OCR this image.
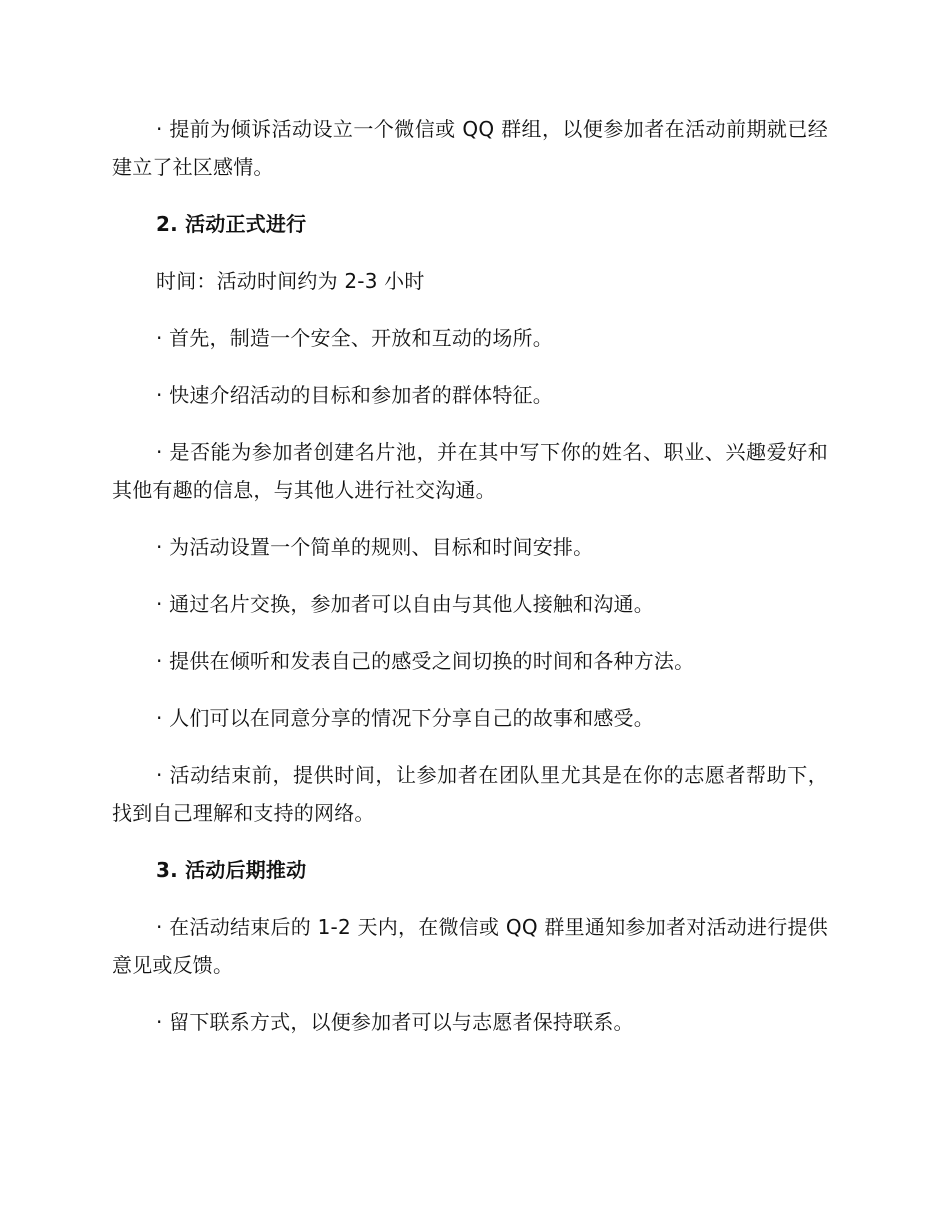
· 提前为倾诉活动设立一个微信或 QQ 群组，以便参加者在活动前期就已经建立了社区感情。

2. 活动正式进行

时间：活动时间约为 2-3 小时

· 首先，制造一个安全、开放和互动的场所。

· 快速介绍活动的目标和参加者的群体特征。

· 是否能为参加者创建名片池，并在其中写下你的姓名、职业、兴趣爱好和其他有趣的信息，与其他人进行社交沟通。

· 为活动设置一个简单的规则、目标和时间安排。

· 通过名片交换，参加者可以自由与其他人接触和沟通。

· 提供在倾听和发表自己的感受之间切换的时间和各种方法。

· 人们可以在同意分享的情况下分享自己的故事和感受。

· 活动结束前，提供时间，让参加者在团队里尤其是在你的志愿者帮助下，找到自己理解和支持的网络。

3. 活动后期推动

· 在活动结束后的 1-2 天内，在微信或 QQ 群里通知参加者对活动进行提供意见或反馈。

· 留下联系方式，以便参加者可以与志愿者保持联系。
